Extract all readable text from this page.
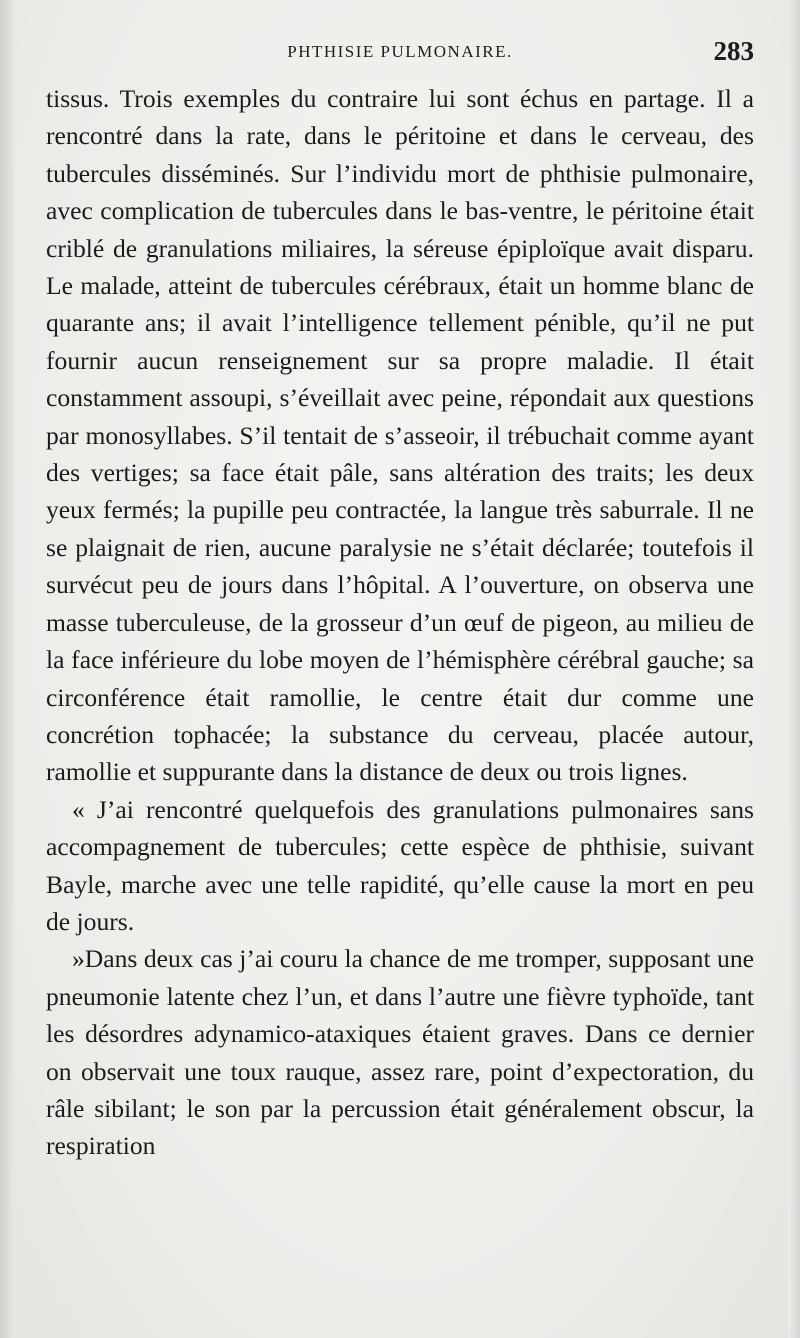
PHTHISIE PULMONAIRE.	283

tissus. Trois exemples du contraire lui sont échus en partage. Il a rencontré dans la rate, dans le péritoine et dans le cerveau, des tubercules disséminés. Sur l’individu mort de phthisie pulmonaire, avec complication de tubercules dans le bas-ventre, le péritoine était criblé de granulations miliaires, la séreuse épiploïque avait disparu. Le malade, atteint de tubercules cérébraux, était un homme blanc de quarante ans; il avait l’intelligence tellement pénible, qu’il ne put fournir aucun renseignement sur sa propre maladie. Il était constamment assoupi, s’éveillait avec peine, répondait aux questions par monosyllabes. S’il tentait de s’asseoir, il trébuchait comme ayant des vertiges; sa face était pâle, sans altération des traits; les deux yeux fermés; la pupille peu contractée, la langue très saburrale. Il ne se plaignait de rien, aucune paralysie ne s’était déclarée; toutefois il survécut peu de jours dans l’hôpital. A l’ouverture, on observa une masse tuberculeuse, de la grosseur d’un œuf de pigeon, au milieu de la face inférieure du lobe moyen de l’hémisphère cérébral gauche; sa circonférence était ramollie, le centre était dur comme une concrétion tophacée; la substance du cerveau, placée autour, ramollie et suppurante dans la distance de deux ou trois lignes.

« J’ai rencontré quelquefois des granulations pulmonaires sans accompagnement de tubercules; cette espèce de phthisie, suivant Bayle, marche avec une telle rapidité, qu’elle cause la mort en peu de jours.

»Dans deux cas j’ai couru la chance de me tromper, supposant une pneumonie latente chez l’un, et dans l’autre une fièvre typhoïde, tant les désordres adynamico-ataxiques étaient graves. Dans ce dernier on observait une toux rauque, assez rare, point d’expectoration, du râle sibilant; le son par la percussion était généralement obscur, la respiration
